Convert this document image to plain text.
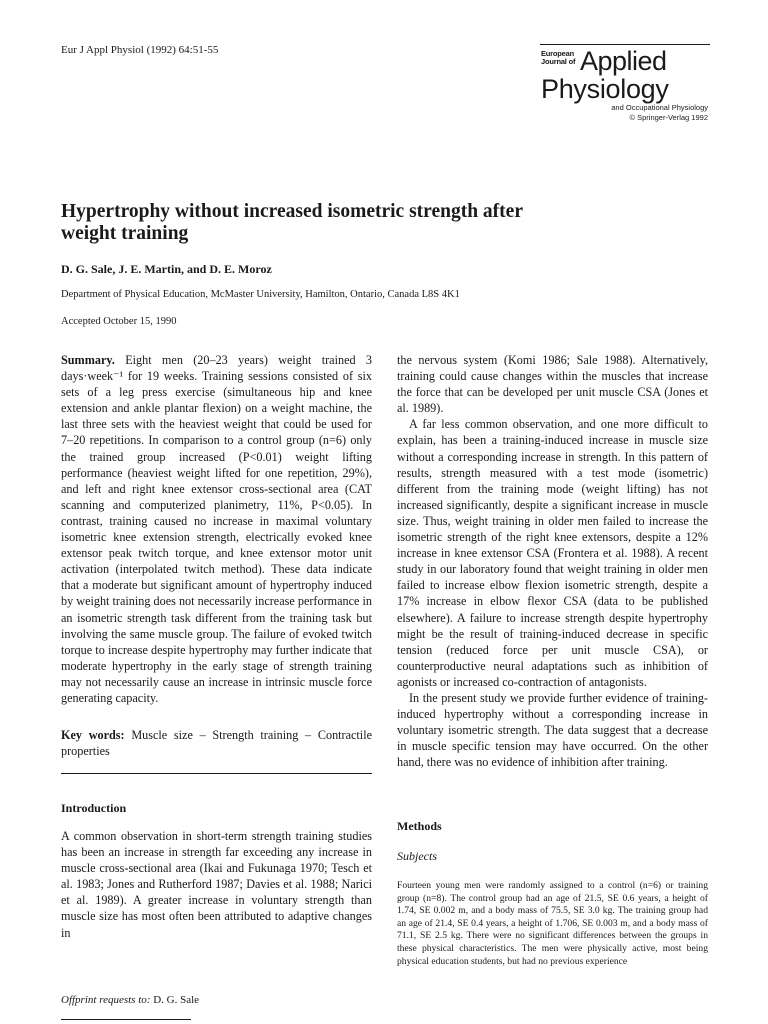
Eur J Appl Physiol (1992) 64:51-55	European
Journal of Applied
Physiology
and Occupational Physiology
© Springer-Verlag 1992
Hypertrophy without increased isometric strength after weight training
D. G. Sale, J. E. Martin, and D. E. Moroz
Department of Physical Education, McMaster University, Hamilton, Ontario, Canada L8S 4K1
Accepted October 15, 1990
Summary. Eight men (20–23 years) weight trained 3 days·week⁻¹ for 19 weeks. Training sessions consisted of six sets of a leg press exercise (simultaneous hip and knee extension and ankle plantar flexion) on a weight machine, the last three sets with the heaviest weight that could be used for 7–20 repetitions. In comparison to a control group (n=6) only the trained group increased (P<0.01) weight lifting performance (heaviest weight lifted for one repetition, 29%), and left and right knee extensor cross-sectional area (CAT scanning and computerized planimetry, 11%, P<0.05). In contrast, training caused no increase in maximal voluntary isometric knee extension strength, electrically evoked knee extensor peak twitch torque, and knee extensor motor unit activation (interpolated twitch method). These data indicate that a moderate but significant amount of hypertrophy induced by weight training does not necessarily increase performance in an isometric strength task different from the training task but involving the same muscle group. The failure of evoked twitch torque to increase despite hypertrophy may further indicate that moderate hypertrophy in the early stage of strength training may not necessarily cause an increase in intrinsic muscle force generating capacity.
Key words: Muscle size – Strength training – Contractile properties
Introduction
A common observation in short-term strength training studies has been an increase in strength far exceeding any increase in muscle cross-sectional area (Ikai and Fukunaga 1970; Tesch et al. 1983; Jones and Rutherford 1987; Davies et al. 1988; Narici et al. 1989). A greater increase in voluntary strength than muscle size has most often been attributed to adaptive changes in
Offprint requests to: D. G. Sale

the nervous system (Komi 1986; Sale 1988). Alternatively, training could cause changes within the muscles that increase the force that can be developed per unit muscle CSA (Jones et al. 1989).

A far less common observation, and one more difficult to explain, has been a training-induced increase in muscle size without a corresponding increase in strength. In this pattern of results, strength measured with a test mode (isometric) different from the training mode (weight lifting) has not increased significantly, despite a significant increase in muscle size. Thus, weight training in older men failed to increase the isometric strength of the right knee extensors, despite a 12% increase in knee extensor CSA (Frontera et al. 1988). A recent study in our laboratory found that weight training in older men failed to increase elbow flexion isometric strength, despite a 17% increase in elbow flexor CSA (data to be published elsewhere). A failure to increase strength despite hypertrophy might be the result of training-induced decrease in specific tension (reduced force per unit muscle CSA), or counterproductive neural adaptations such as inhibition of agonists or increased co-contraction of antagonists.

In the present study we provide further evidence of training-induced hypertrophy without a corresponding increase in voluntary isometric strength. The data suggest that a decrease in muscle specific tension may have occurred. On the other hand, there was no evidence of inhibition after training.

Methods
Subjects
Fourteen young men were randomly assigned to a control (n=6) or training group (n=8). The control group had an age of 21.5, SE 0.6 years, a height of 1.74, SE 0.002 m, and a body mass of 75.5, SE 3.0 kg. The training group had an age of 21.4, SE 0.4 years, a height of 1.706, SE 0.003 m, and a body mass of 71.1, SE 2.5 kg. There were no significant differences between the groups in these physical characteristics. The men were physically active, most being physical education students, but had no previous experience
